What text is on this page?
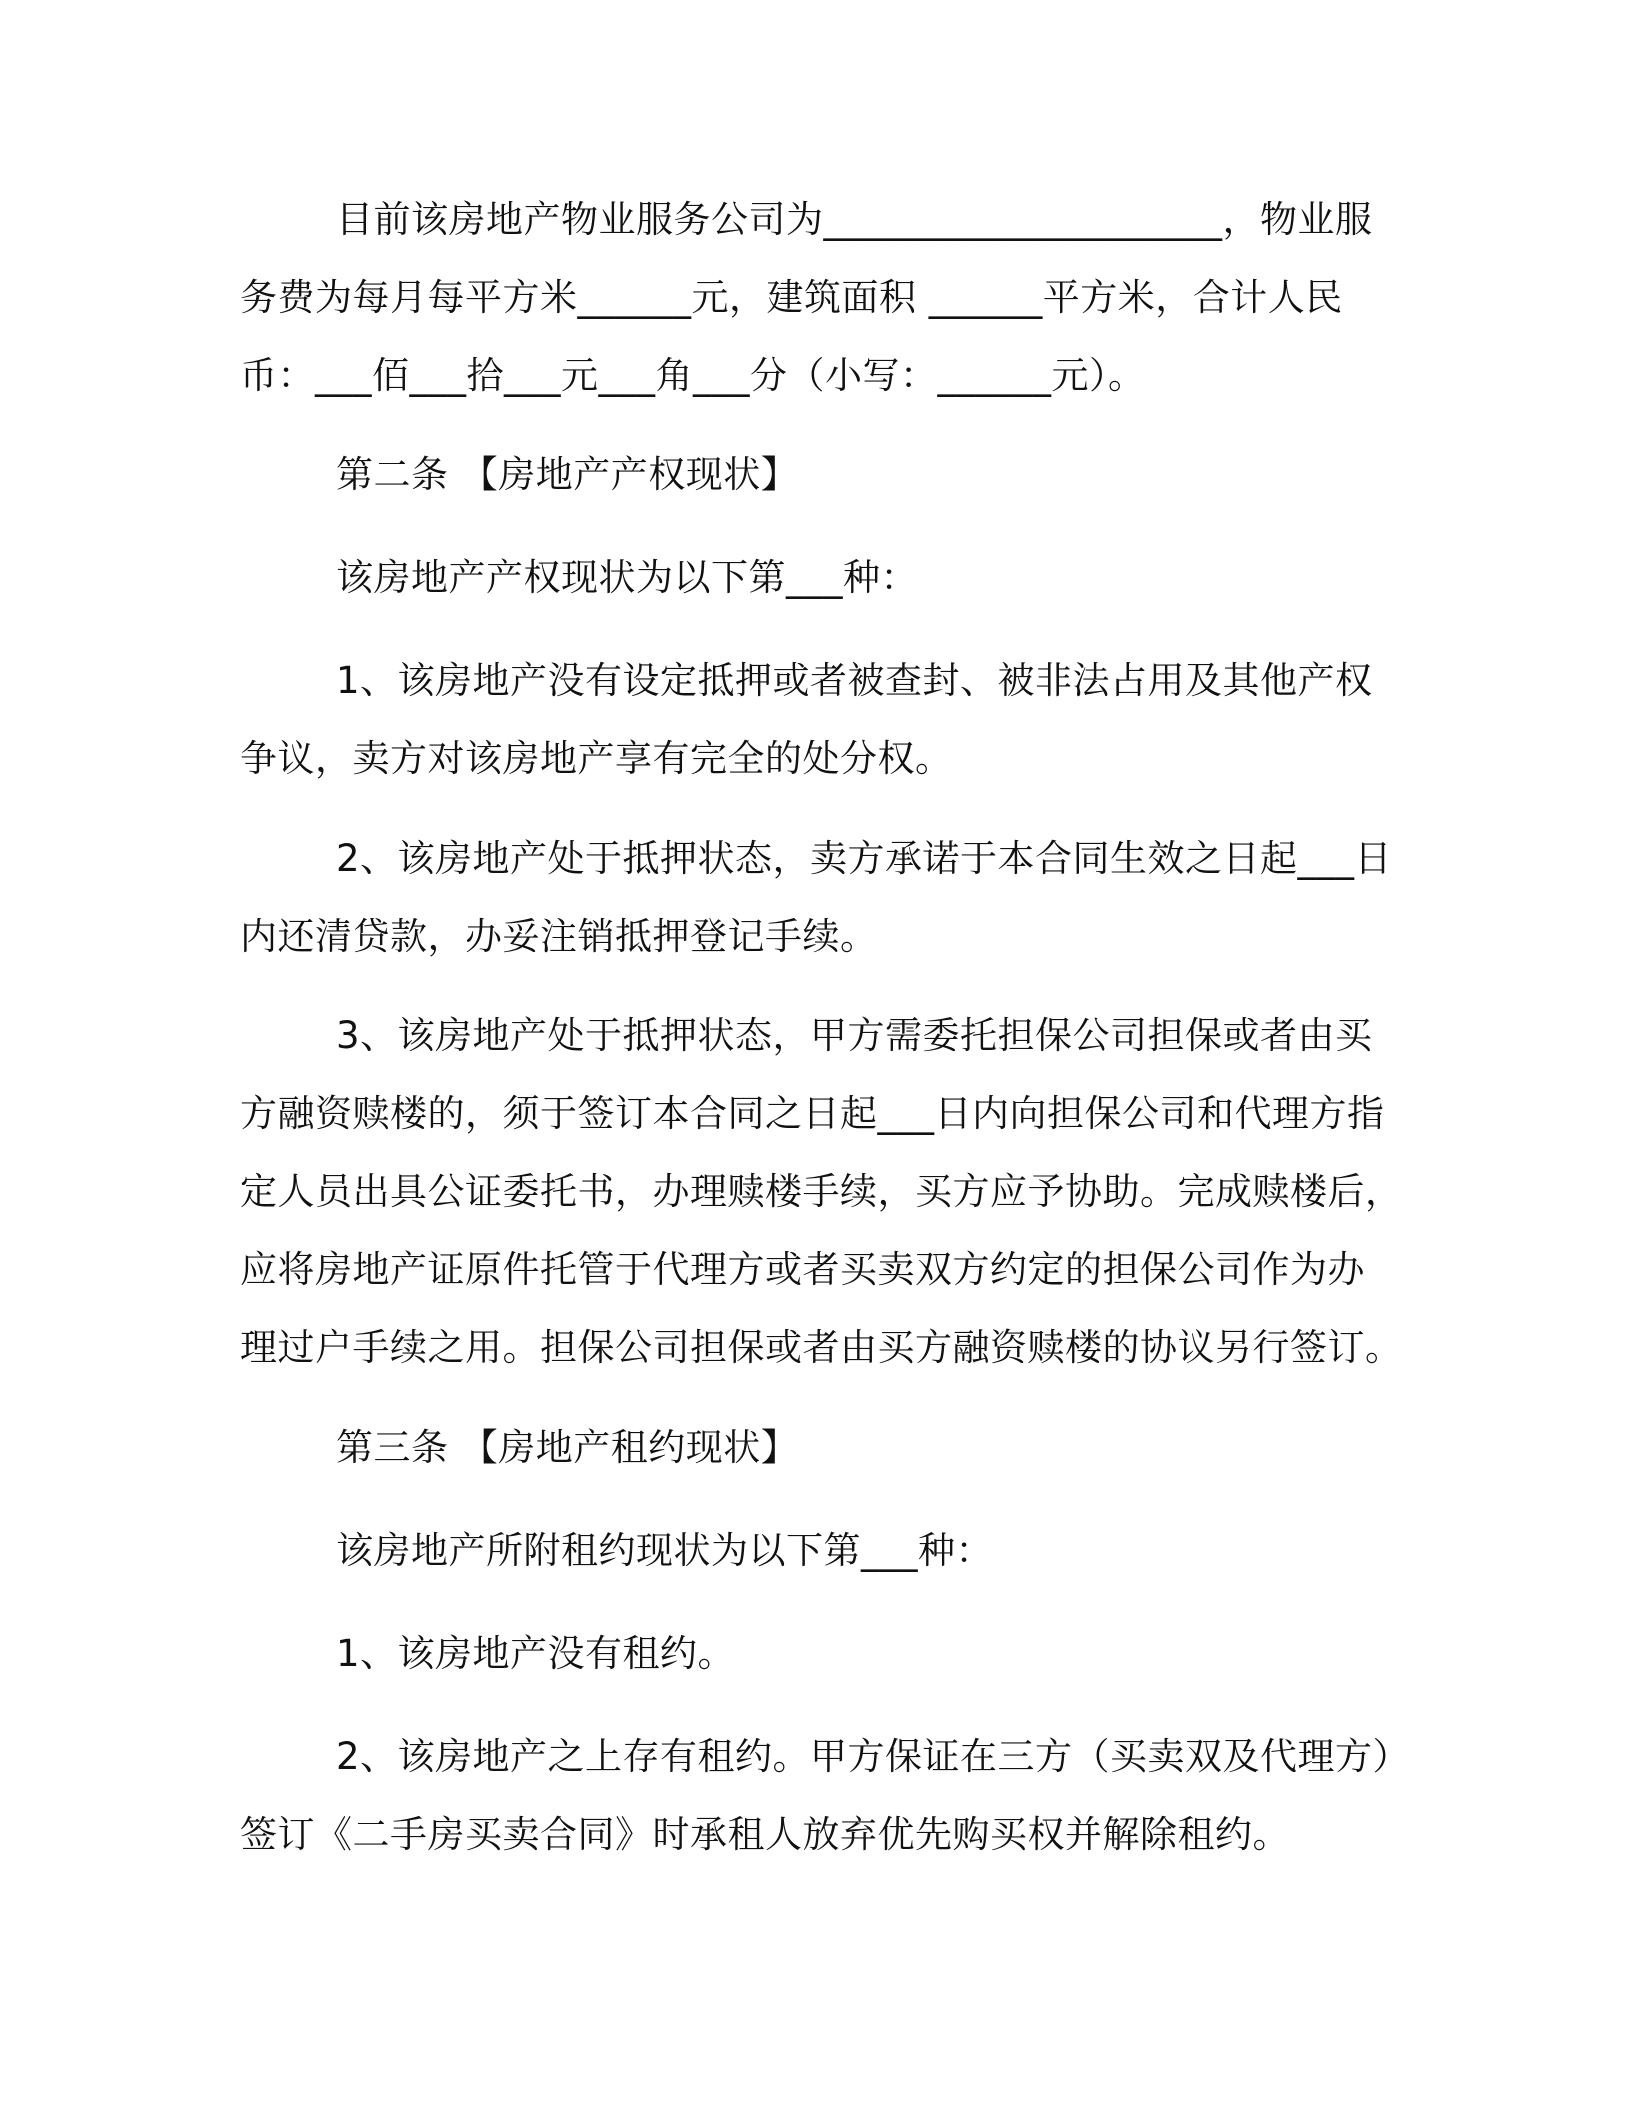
目前该房地产物业服务公司为_____________________，物业服
务费为每月每平方米______元，建筑面积 ______平方米，合计人民
币：___佰___拾___元___角___分（小写：______元）。
第二条 【房地产产权现状】
该房地产产权现状为以下第___种：
1、该房地产没有设定抵押或者被查封、被非法占用及其他产权
争议，卖方对该房地产享有完全的处分权。
2、该房地产处于抵押状态，卖方承诺于本合同生效之日起___日
内还清贷款，办妥注销抵押登记手续。
3、该房地产处于抵押状态，甲方需委托担保公司担保或者由买
方融资赎楼的，须于签订本合同之日起___日内向担保公司和代理方指
定人员出具公证委托书，办理赎楼手续，买方应予协助。完成赎楼后，
应将房地产证原件托管于代理方或者买卖双方约定的担保公司作为办
理过户手续之用。担保公司担保或者由买方融资赎楼的协议另行签订。
第三条 【房地产租约现状】
该房地产所附租约现状为以下第___种：
1、该房地产没有租约。
2、该房地产之上存有租约。甲方保证在三方（买卖双及代理方）
签订《二手房买卖合同》时承租人放弃优先购买权并解除租约。
